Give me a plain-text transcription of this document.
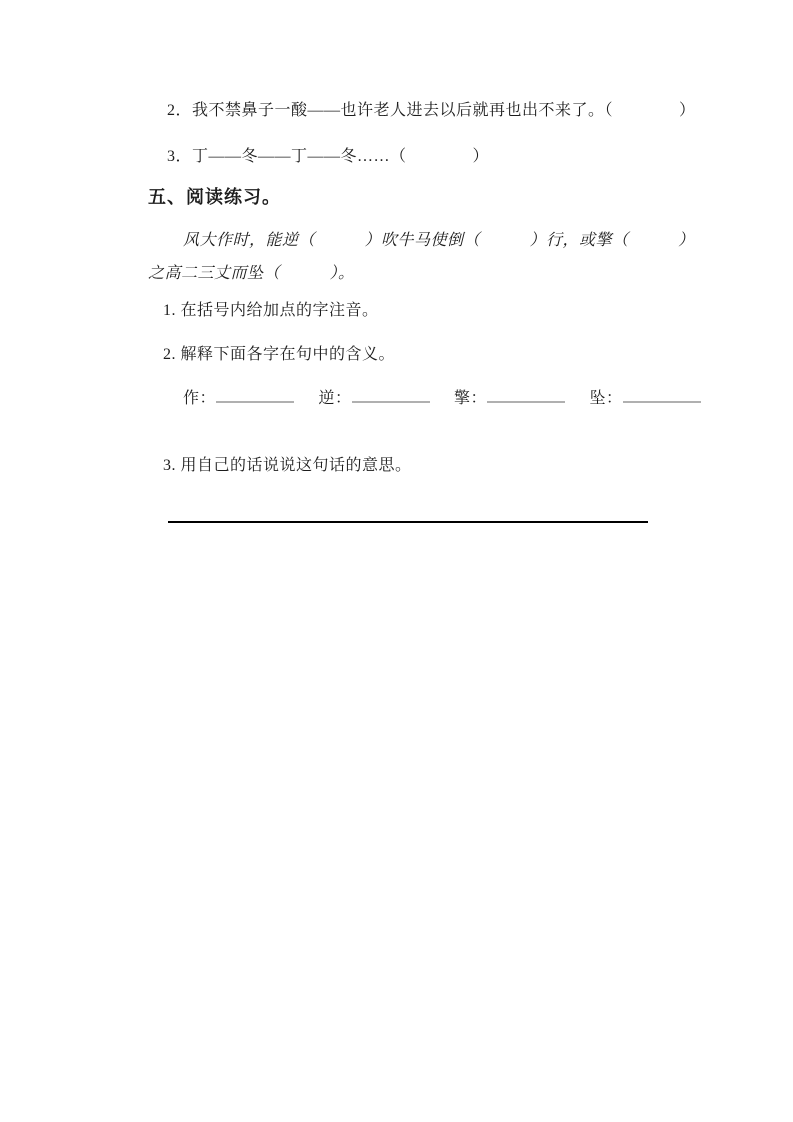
2．我不禁鼻子一酸——也许老人进去以后就再也出不来了。（　　　　）
3．丁——冬——丁——冬……（　　　　）
五、阅读练习。
风大作时，能逆（　　　）吹牛马使倒（　　　）行，或擎（　　　）
之高二三丈而坠（　　　）。
1. 在括号内给加点的字注音。
2. 解释下面各字在句中的含义。
作：	逆：	擎：	坠：
3. 用自己的话说说这句话的意思。
